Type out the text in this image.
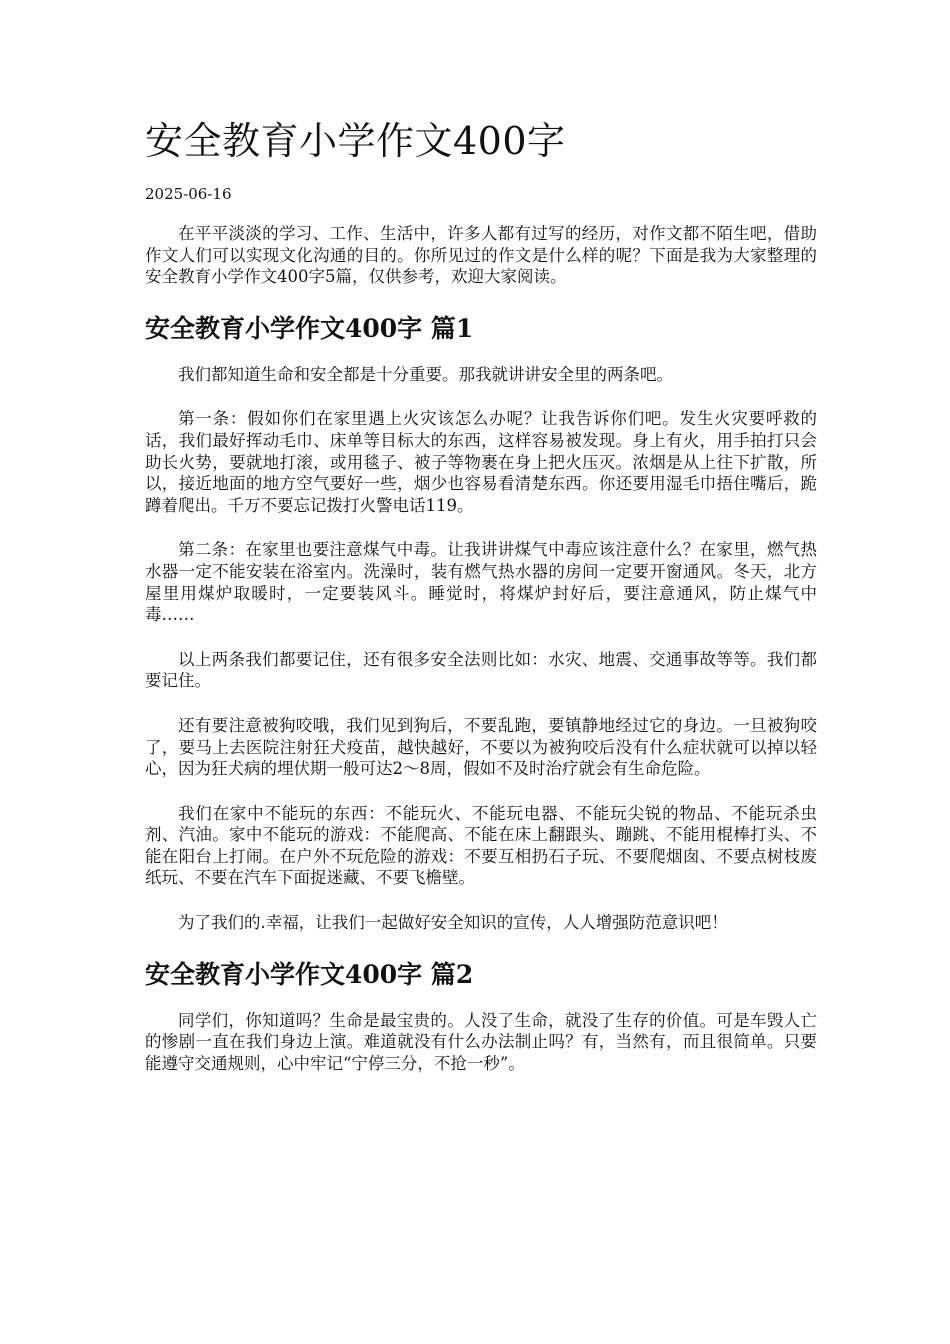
安全教育小学作文400字
2025-06-16

在平平淡淡的学习、工作、生活中，许多人都有过写的经历，对作文都不陌生吧，借助作文人们可以实现文化沟通的目的。你所见过的作文是什么样的呢？下面是我为大家整理的安全教育小学作文400字5篇，仅供参考，欢迎大家阅读。

安全教育小学作文400字 篇1

我们都知道生命和安全都是十分重要。那我就讲讲安全里的两条吧。

第一条：假如你们在家里遇上火灾该怎么办呢？让我告诉你们吧。发生火灾要呼救的话，我们最好挥动毛巾、床单等目标大的东西，这样容易被发现。身上有火，用手拍打只会助长火势，要就地打滚，或用毯子、被子等物裹在身上把火压灭。浓烟是从上往下扩散，所以，接近地面的地方空气要好一些，烟少也容易看清楚东西。你还要用湿毛巾捂住嘴后，跪蹲着爬出。千万不要忘记拨打火警电话119。

第二条：在家里也要注意煤气中毒。让我讲讲煤气中毒应该注意什么？在家里，燃气热水器一定不能安装在浴室内。洗澡时，装有燃气热水器的房间一定要开窗通风。冬天，北方屋里用煤炉取暖时，一定要装风斗。睡觉时，将煤炉封好后，要注意通风，防止煤气中毒……

以上两条我们都要记住，还有很多安全法则比如：水灾、地震、交通事故等等。我们都要记住。

还有要注意被狗咬哦，我们见到狗后，不要乱跑，要镇静地经过它的身边。一旦被狗咬了，要马上去医院注射狂犬疫苗，越快越好，不要以为被狗咬后没有什么症状就可以掉以轻心，因为狂犬病的埋伏期一般可达2～8周，假如不及时治疗就会有生命危险。

我们在家中不能玩的东西：不能玩火、不能玩电器、不能玩尖锐的物品、不能玩杀虫剂、汽油。家中不能玩的游戏：不能爬高、不能在床上翻跟头、蹦跳、不能用棍棒打头、不能在阳台上打闹。在户外不玩危险的游戏：不要互相扔石子玩、不要爬烟囱、不要点树枝废纸玩、不要在汽车下面捉迷藏、不要飞檐壁。

为了我们的.幸福，让我们一起做好安全知识的宣传，人人增强防范意识吧！

安全教育小学作文400字 篇2

同学们，你知道吗？生命是最宝贵的。人没了生命，就没了生存的价值。可是车毁人亡的惨剧一直在我们身边上演。难道就没有什么办法制止吗？有，当然有，而且很简单。只要能遵守交通规则，心中牢记“宁停三分，不抢一秒”。
